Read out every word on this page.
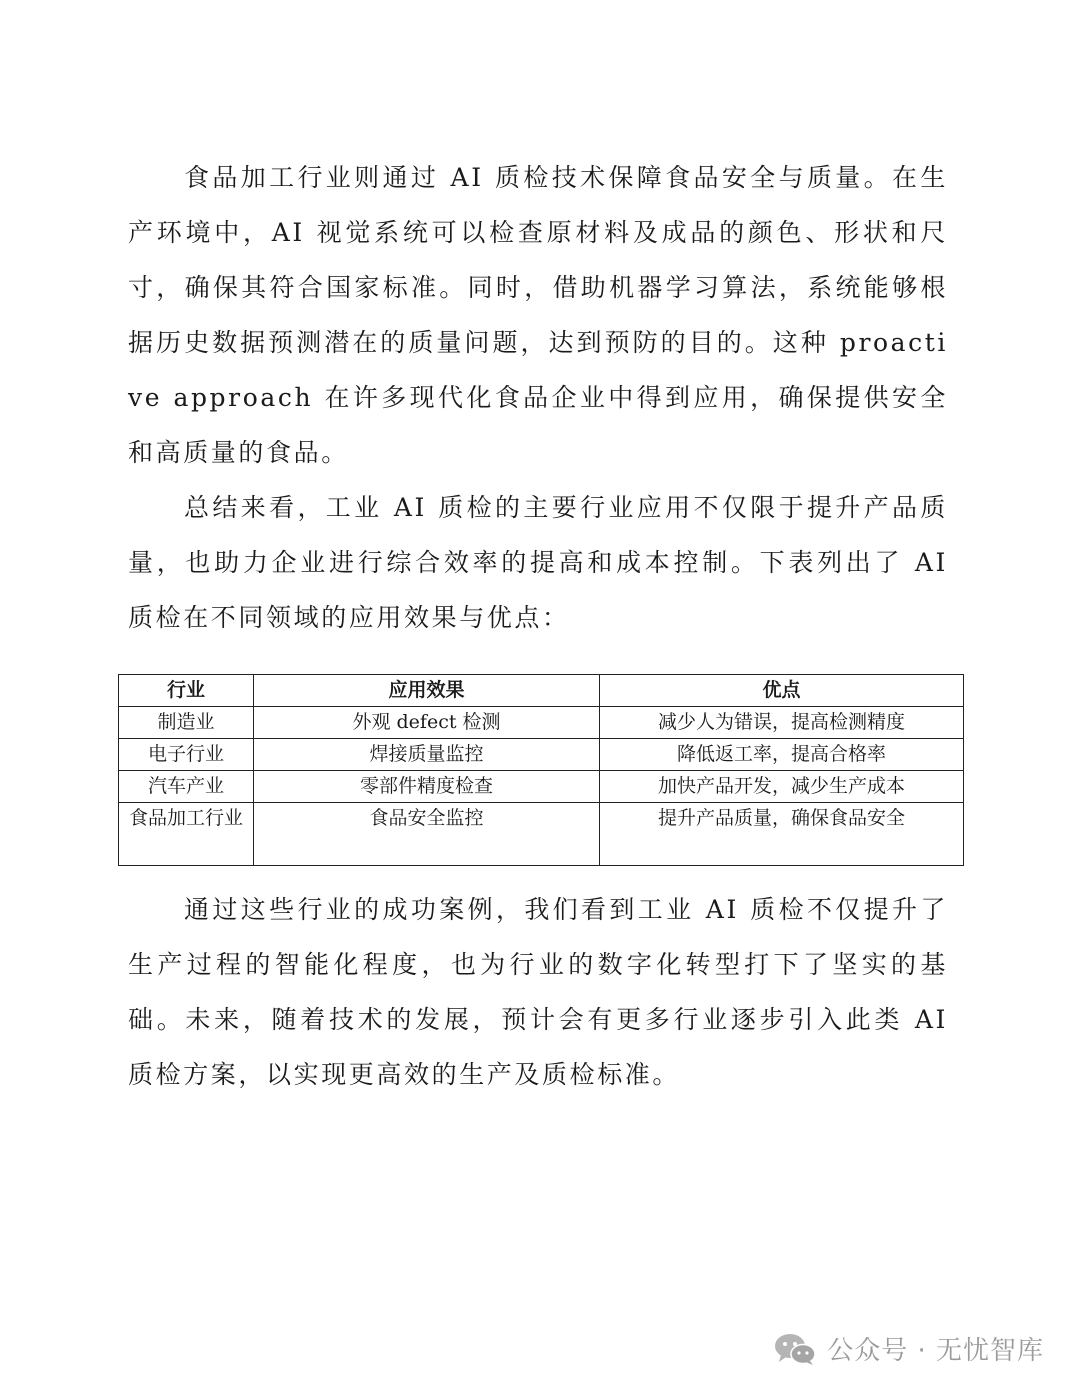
食品加工行业则通过 AI 质检技术保障食品安全与质量。在生产环境中，AI 视觉系统可以检查原材料及成品的颜色、形状和尺寸，确保其符合国家标准。同时，借助机器学习算法，系统能够根据历史数据预测潜在的质量问题，达到预防的目的。这种 proactive approach 在许多现代化食品企业中得到应用，确保提供安全和高质量的食品。

总结来看，工业 AI 质检的主要行业应用不仅限于提升产品质量，也助力企业进行综合效率的提高和成本控制。下表列出了 AI 质检在不同领域的应用效果与优点：

行业	应用效果	优点
制造业	外观 defect 检测	减少人为错误，提高检测精度
电子行业	焊接质量监控	降低返工率，提高合格率
汽车产业	零部件精度检查	加快产品开发，减少生产成本
食品加工行业	食品安全监控	提升产品质量，确保食品安全

通过这些行业的成功案例，我们看到工业 AI 质检不仅提升了生产过程的智能化程度，也为行业的数字化转型打下了坚实的基础。未来，随着技术的发展，预计会有更多行业逐步引入此类 AI 质检方案，以实现更高效的生产及质检标准。

公众号 · 无忧智库
